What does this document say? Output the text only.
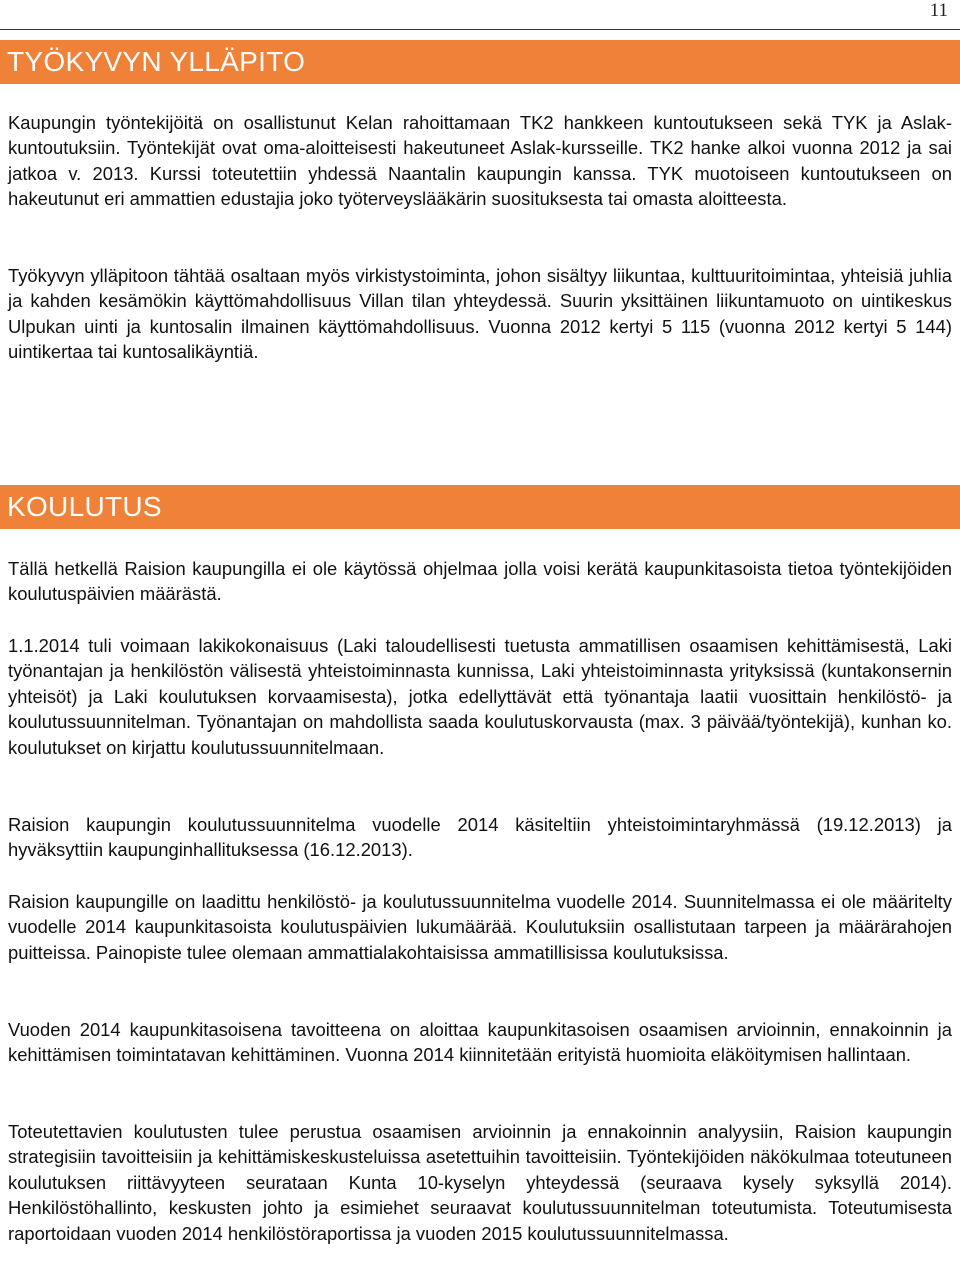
11
TYÖKYVYN YLLÄPITO

Kaupungin työntekijöitä on osallistunut Kelan rahoittamaan TK2 hankkeen kuntoutukseen sekä TYK ja Aslak-kuntoutuksiin. Työntekijät ovat oma-aloitteisesti hakeutuneet Aslak-kursseille. TK2 hanke alkoi vuonna 2012 ja sai jatkoa v. 2013. Kurssi toteutettiin yhdessä Naantalin kaupungin kanssa. TYK muotoiseen kuntoutukseen on hakeutunut eri ammattien edustajia joko työterveyslääkärin suosituksesta tai omasta aloitteesta.

Työkyvyn ylläpitoon tähtää osaltaan myös virkistystoiminta, johon sisältyy liikuntaa, kulttuuritoimintaa, yhteisiä juhlia ja kahden kesämökin käyttömahdollisuus Villan tilan yhteydessä. Suurin yksittäinen liikuntamuoto on uintikeskus Ulpukan uinti ja kuntosalin ilmainen käyttömahdollisuus. Vuonna 2012 kertyi 5 115 (vuonna 2012 kertyi 5 144) uintikertaa tai kuntosalikäyntiä.

KOULUTUS

Tällä hetkellä Raision kaupungilla ei ole käytössä ohjelmaa jolla voisi kerätä kaupunkitasoista tietoa työntekijöiden koulutuspäivien määrästä.

1.1.2014 tuli voimaan lakikokonaisuus (Laki taloudellisesti tuetusta ammatillisen osaamisen kehittämisestä, Laki työnantajan ja henkilöstön välisestä yhteistoiminnasta kunnissa, Laki yhteistoiminnasta yrityksissä (kuntakonsernin yhteisöt) ja Laki koulutuksen korvaamisesta), jotka edellyttävät että työnantaja laatii vuosittain henkilöstö- ja koulutussuunnitelman. Työnantajan on mahdollista saada koulutuskorvausta (max. 3 päivää/työntekijä), kunhan ko. koulutukset on kirjattu koulutussuunnitelmaan.

Raision kaupungin koulutussuunnitelma vuodelle 2014 käsiteltiin yhteistoimintaryhmässä (19.12.2013) ja hyväksyttiin kaupunginhallituksessa (16.12.2013).

Raision kaupungille on laadittu henkilöstö- ja koulutussuunnitelma vuodelle 2014. Suunnitelmassa ei ole määritelty vuodelle 2014 kaupunkitasoista koulutuspäivien lukumäärää. Koulutuksiin osallistutaan tarpeen ja määrärahojen puitteissa. Painopiste tulee olemaan ammattialakohtaisissa ammatillisissa koulutuksissa.

Vuoden 2014 kaupunkitasoisena tavoitteena on aloittaa kaupunkitasoisen osaamisen arvioinnin, ennakoinnin ja kehittämisen toimintatavan kehittäminen. Vuonna 2014 kiinnitetään erityistä huomioita eläköitymisen hallintaan.

Toteutettavien koulutusten tulee perustua osaamisen arvioinnin ja ennakoinnin analyysiin, Raision kaupungin strategisiin tavoitteisiin ja kehittämiskeskusteluissa asetettuihin tavoitteisiin. Työntekijöiden näkökulmaa toteutuneen koulutuksen riittävyyteen seurataan Kunta 10-kyselyn yhteydessä (seuraava kysely syksyllä 2014). Henkilöstöhallinto, keskusten johto ja esimiehet seuraavat koulutussuunnitelman toteutumista. Toteutumisesta raportoidaan vuoden 2014 henkilöstöraportissa ja vuoden 2015 koulutussuunnitelmassa.
